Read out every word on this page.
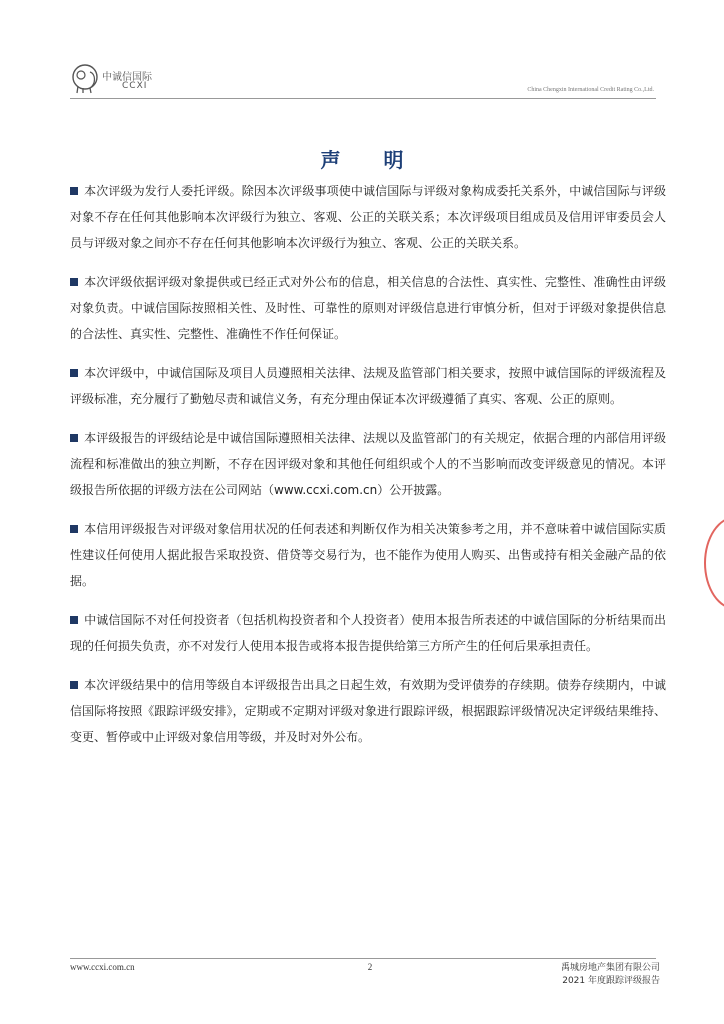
中诚信国际
CCXI	China Chengxin International Credit Rating Co.,Ltd.
声 明

本次评级为发行人委托评级。除因本次评级事项使中诚信国际与评级对象构成委托关系外，中诚信国际与评级对象不存在任何其他影响本次评级行为独立、客观、公正的关联关系；本次评级项目组成员及信用评审委员会人员与评级对象之间亦不存在任何其他影响本次评级行为独立、客观、公正的关联关系。

本次评级依据评级对象提供或已经正式对外公布的信息，相关信息的合法性、真实性、完整性、准确性由评级对象负责。中诚信国际按照相关性、及时性、可靠性的原则对评级信息进行审慎分析，但对于评级对象提供信息的合法性、真实性、完整性、准确性不作任何保证。

本次评级中，中诚信国际及项目人员遵照相关法律、法规及监管部门相关要求，按照中诚信国际的评级流程及评级标准，充分履行了勤勉尽责和诚信义务，有充分理由保证本次评级遵循了真实、客观、公正的原则。

本评级报告的评级结论是中诚信国际遵照相关法律、法规以及监管部门的有关规定，依据合理的内部信用评级流程和标准做出的独立判断，不存在因评级对象和其他任何组织或个人的不当影响而改变评级意见的情况。本评级报告所依据的评级方法在公司网站（www.ccxi.com.cn）公开披露。

本信用评级报告对评级对象信用状况的任何表述和判断仅作为相关决策参考之用，并不意味着中诚信国际实质性建议任何使用人据此报告采取投资、借贷等交易行为，也不能作为使用人购买、出售或持有相关金融产品的依据。

中诚信国际不对任何投资者（包括机构投资者和个人投资者）使用本报告所表述的中诚信国际的分析结果而出现的任何损失负责，亦不对发行人使用本报告或将本报告提供给第三方所产生的任何后果承担责任。

本次评级结果中的信用等级自本评级报告出具之日起生效，有效期为受评债券的存续期。债券存续期内，中诚信国际将按照《跟踪评级安排》，定期或不定期对评级对象进行跟踪评级，根据跟踪评级情况决定评级结果维持、变更、暂停或中止评级对象信用等级，并及时对外公布。

www.ccxi.com.cn	2	禹城房地产集团有限公司
2021 年度跟踪评级报告
